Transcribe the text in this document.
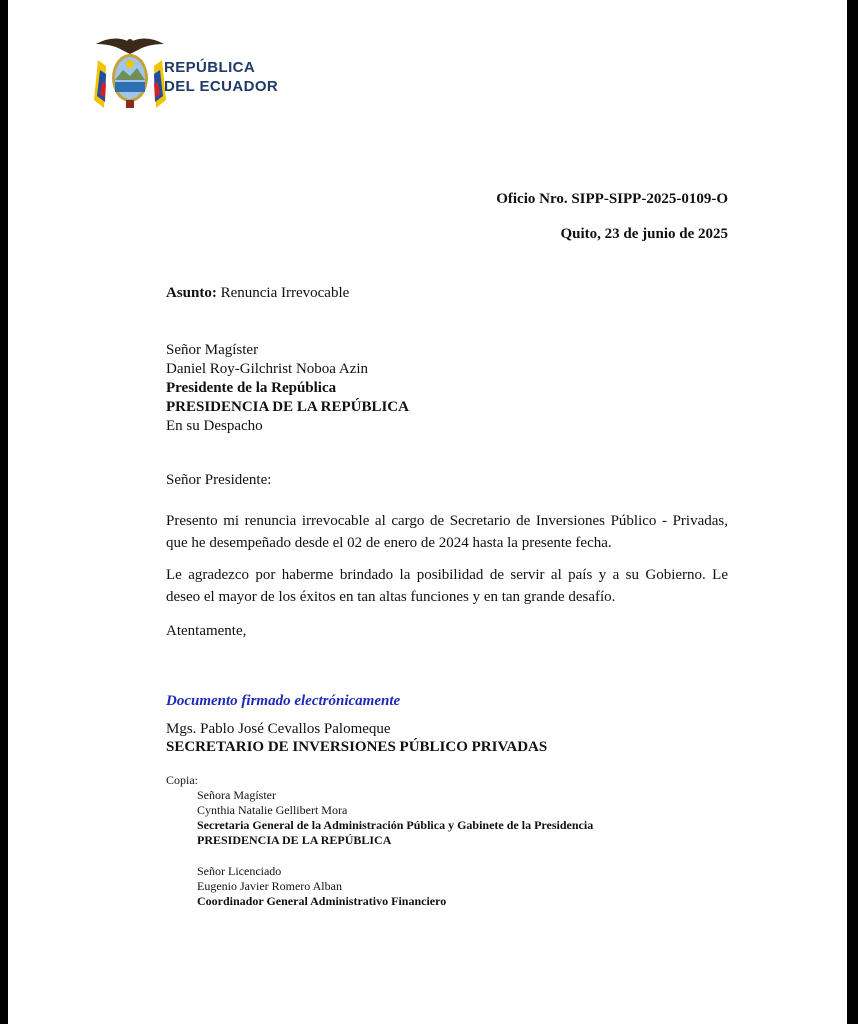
REPÚBLICA
DEL ECUADOR
Oficio Nro. SIPP-SIPP-2025-0109-O
Quito, 23 de junio de 2025
Asunto: Renuncia Irrevocable
Señor Magíster
Daniel Roy-Gilchrist Noboa Azin
Presidente de la República
PRESIDENCIA DE LA REPÚBLICA
En su Despacho
Señor Presidente:
Presento mi renuncia irrevocable al cargo de Secretario de Inversiones Público - Privadas,
que he desempeñado desde el 02 de enero de 2024 hasta la presente fecha.
Le agradezco por haberme brindado la posibilidad de servir al país y a su Gobierno. Le
deseo el mayor de los éxitos en tan altas funciones y en tan grande desafío.
Atentamente,
Documento firmado electrónicamente
Mgs. Pablo José Cevallos Palomeque
SECRETARIO DE INVERSIONES PÚBLICO PRIVADAS
Copia:
Señora Magíster
Cynthia Natalie Gellibert Mora
Secretaria General de la Administración Pública y Gabinete de la Presidencia
PRESIDENCIA DE LA REPÚBLICA
Señor Licenciado
Eugenio Javier Romero Alban
Coordinador General Administrativo Financiero
